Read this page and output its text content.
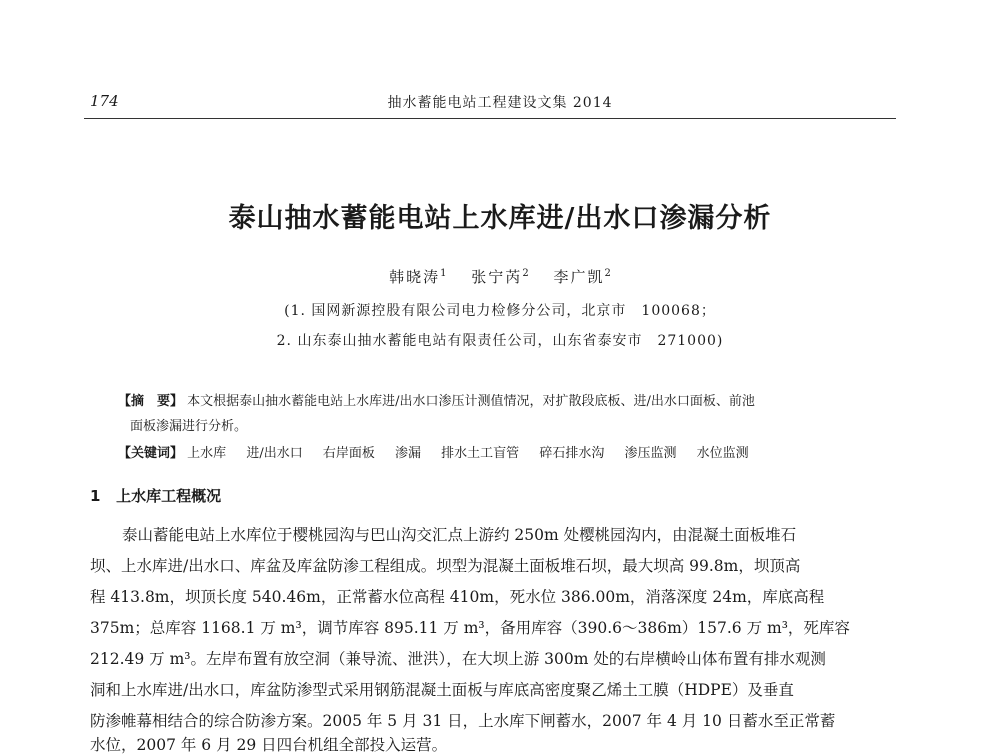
174	抽水蓄能电站工程建设文集 2014
泰山抽水蓄能电站上水库进/出水口渗漏分析
韩晓涛$^1$ 张宁芮$^2$ 李广凯$^2$
(1. 国网新源控股有限公司电力检修分公司，北京市　100068；
2. 山东泰山抽水蓄能电站有限责任公司，山东省泰安市　271000)
【摘　要】 本文根据泰山抽水蓄能电站上水库进/出水口渗压计测值情况，对扩散段底板、进/出水口面板、前池
面板渗漏进行分析。
【关键词】 上水库 进/出水口 右岸面板 渗漏 排水土工盲管 碎石排水沟 渗压监测 水位监测
1 上水库工程概况
泰山蓄能电站上水库位于樱桃园沟与巴山沟交汇点上游约 250m 处樱桃园沟内，由混凝土面板堆石
坝、上水库进/出水口、库盆及库盆防渗工程组成。坝型为混凝土面板堆石坝，最大坝高 99.8m，坝顶高
程 413.8m，坝顶长度 540.46m，正常蓄水位高程 410m，死水位 386.00m，消落深度 24m，库底高程
375m；总库容 1168.1 万 m³，调节库容 895.11 万 m³，备用库容（390.6～386m）157.6 万 m³，死库容
212.49 万 m³。左岸布置有放空洞（兼导流、泄洪），在大坝上游 300m 处的右岸横岭山体布置有排水观测
洞和上水库进/出水口，库盆防渗型式采用钢筋混凝土面板与库底高密度聚乙烯土工膜（HDPE）及垂直
防渗帷幕相结合的综合防渗方案。2005 年 5 月 31 日，上水库下闸蓄水，2007 年 4 月 10 日蓄水至正常蓄
水位，2007 年 6 月 29 日四台机组全部投入运营。
